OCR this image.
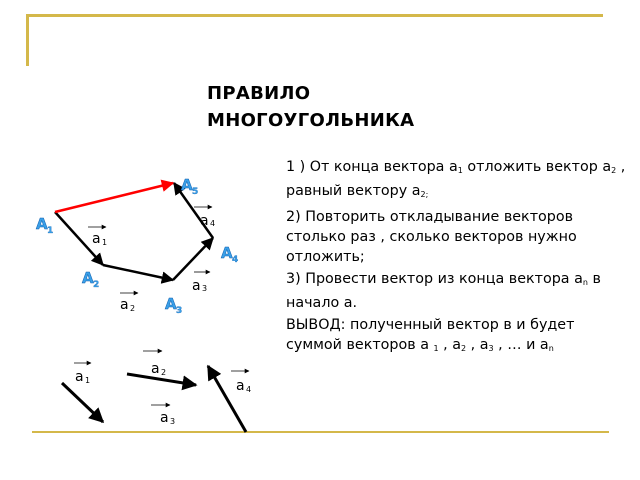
ПРАВИЛО
МНОГОУГОЛЬНИКА

1 ) От конца вектора $а_1$ отложить вектор $а_2$ ,
равный вектору $а_{2;}$

2) Повторить откладывание векторов столько раз , сколько векторов нужно отложить;

3) Провести вектор из конца вектора $а_n$ в начало а.

ВЫВОД: полученный вектор в и будет суммой векторов а $_1$ , $а_2$ , $а_3$ , … и $а_n$

A 5
A 1
A 4
A 2
A 3
a 4
a 1
a 3
a 2
a 2
a 1	a 4
a 3
